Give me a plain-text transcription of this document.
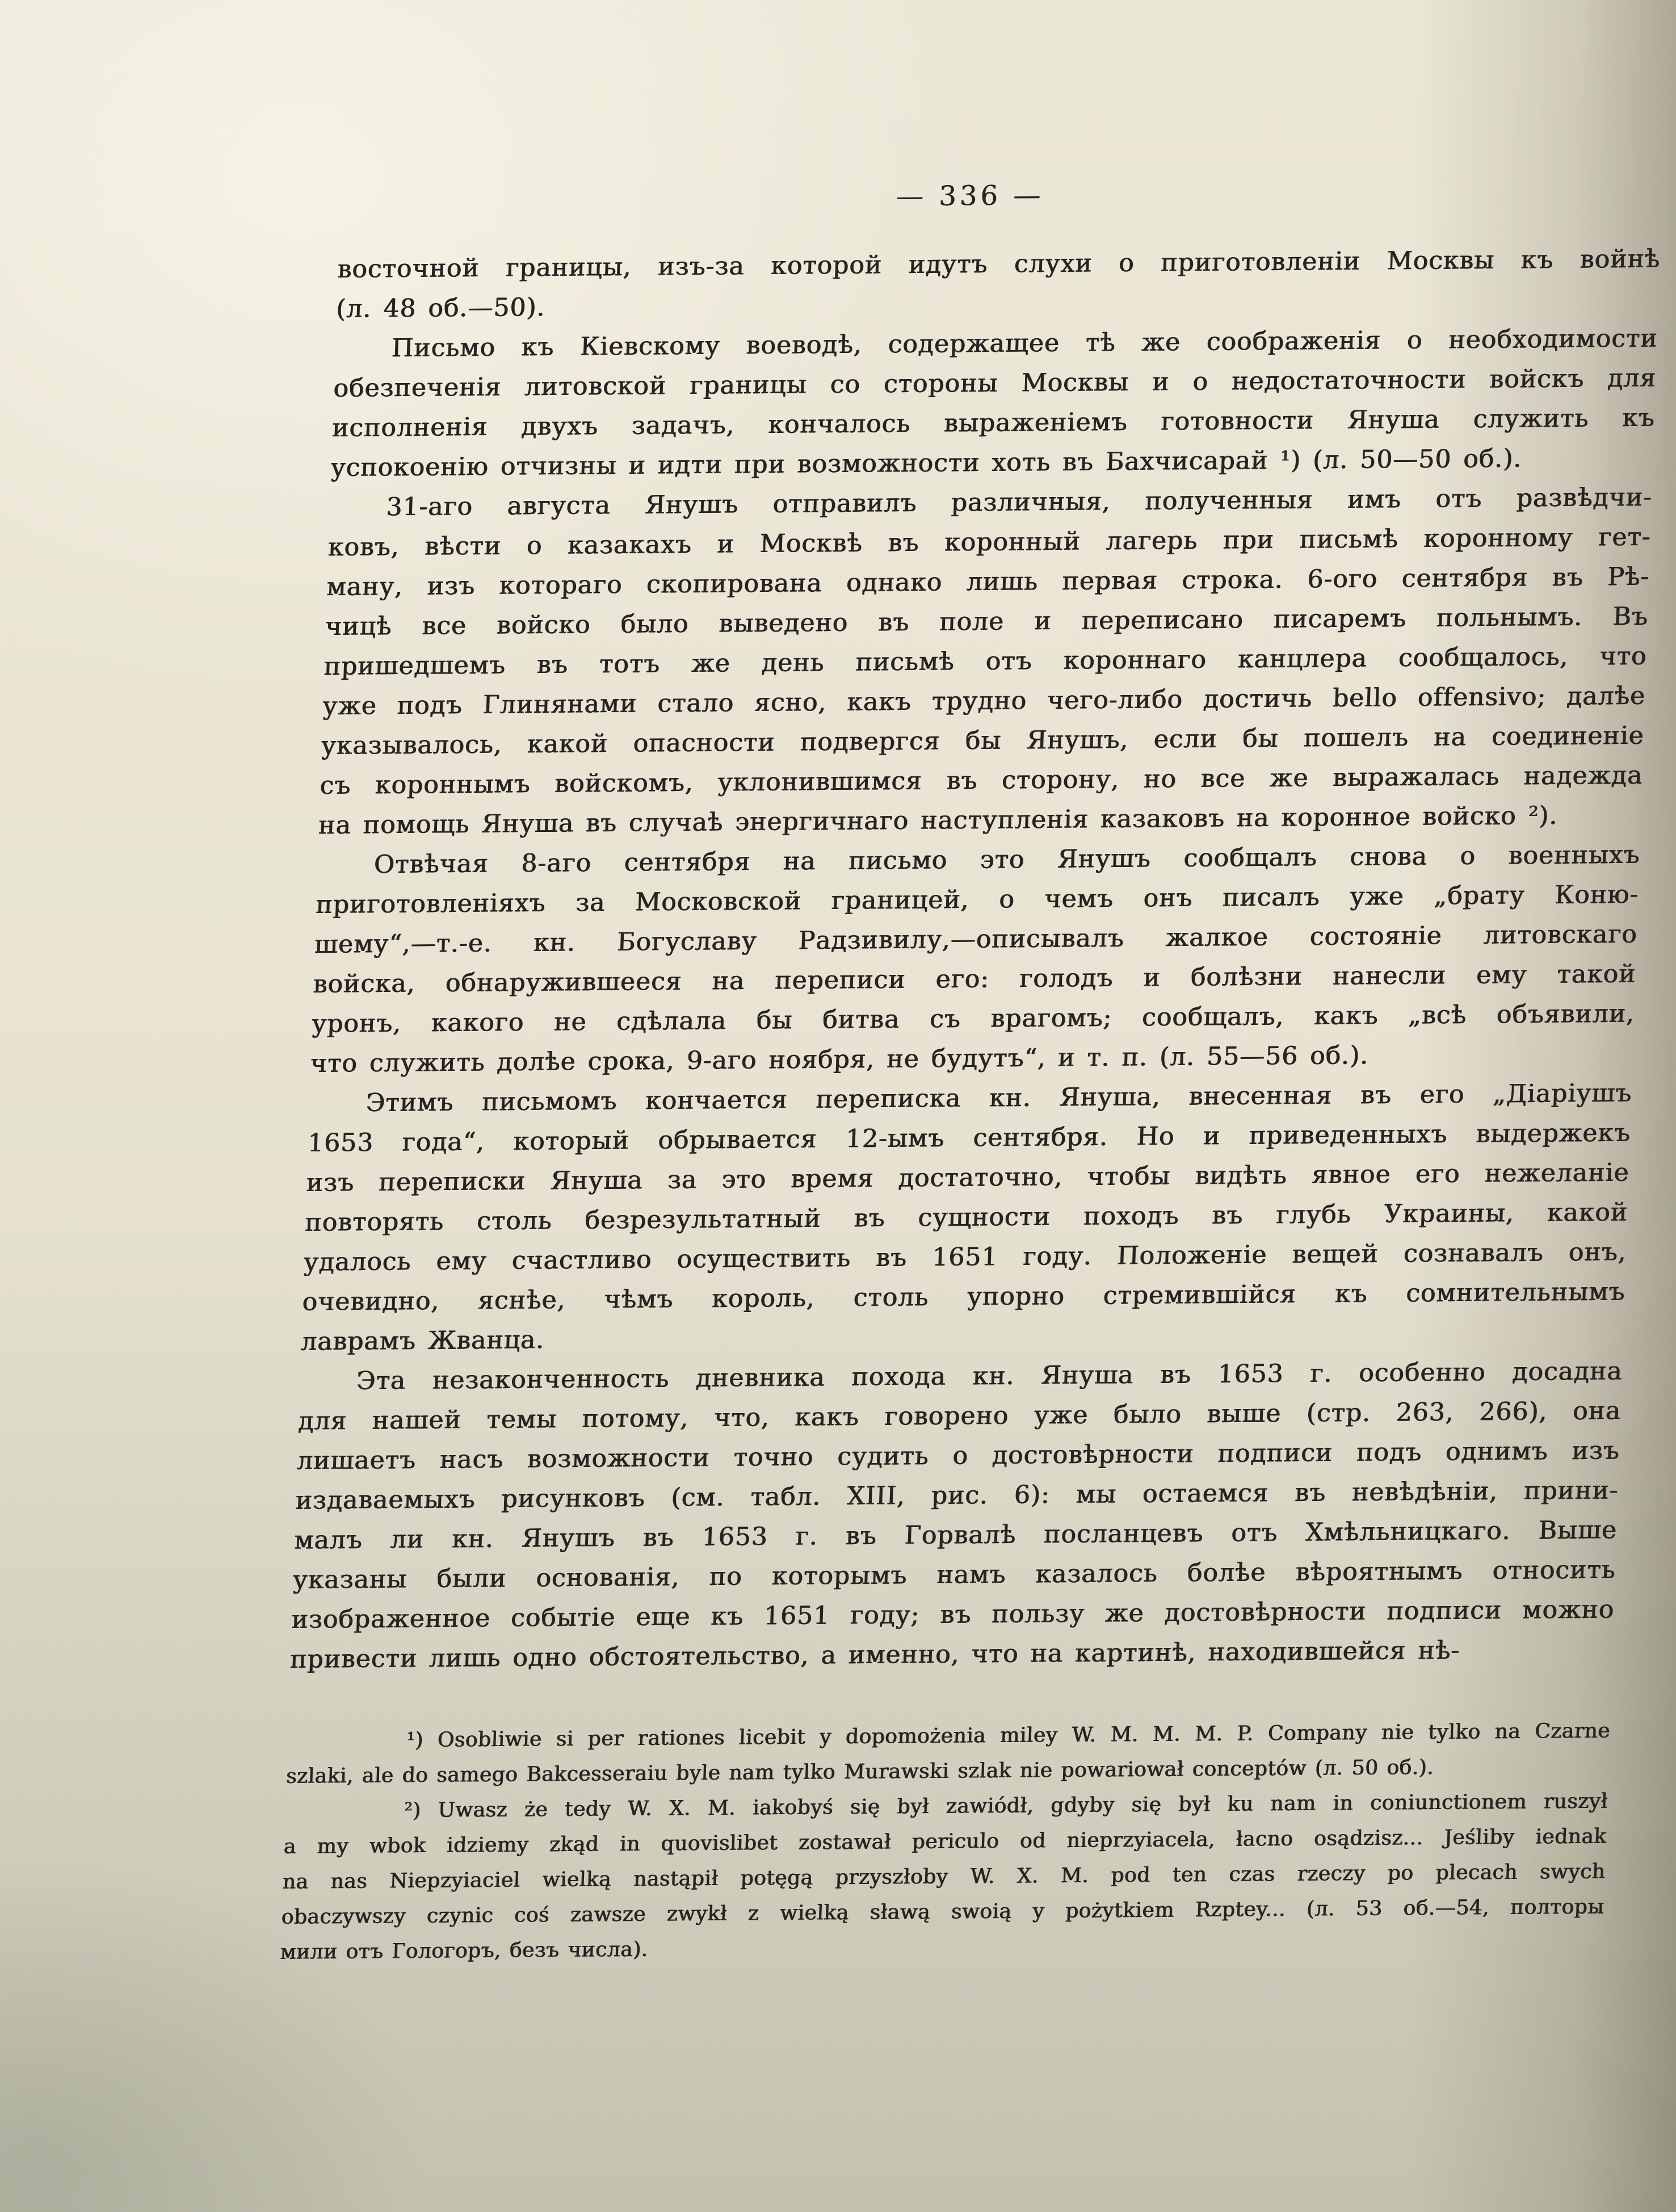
— 336 —
восточной границы, изъ-за которой идутъ слухи о приготовленіи Москвы къ войнѣ
(л. 48 об.—50).
Письмо къ Кіевскому воеводѣ, содержащее тѣ же соображенія о необходимости
обезпеченія литовской границы со стороны Москвы и о недостаточности войскъ для
исполненія двухъ задачъ, кончалось выраженіемъ готовности Януша служить къ
успокоенію отчизны и идти при возможности хоть въ Бахчисарай ¹) (л. 50—50 об.).
31-аго августа Янушъ отправилъ различныя, полученныя имъ отъ развѣдчи-
ковъ, вѣсти о казакахъ и Москвѣ въ коронный лагерь при письмѣ коронному гет-
ману, изъ котораго скопирована однако лишь первая строка. 6-ого сентября въ Рѣ-
чицѣ все войско было выведено въ поле и переписано писаремъ польнымъ. Въ
пришедшемъ въ тотъ же день письмѣ отъ короннаго канцлера сообщалось, что
уже подъ Глинянами стало ясно, какъ трудно чего-либо достичь bello offensivo; далѣе
указывалось, какой опасности подвергся бы Янушъ, если бы пошелъ на соединеніе
съ короннымъ войскомъ, уклонившимся въ сторону, но все же выражалась надежда
на помощь Януша въ случаѣ энергичнаго наступленія казаковъ на коронное войско ²).
Отвѣчая 8-аго сентября на письмо это Янушъ сообщалъ снова о военныхъ
приготовленіяхъ за Московской границей, о чемъ онъ писалъ уже „брату Коню-
шему“,—т.-е. кн. Богуславу Радзивилу,—описывалъ жалкое состояніе литовскаго
войска, обнаружившееся на переписи его: голодъ и болѣзни нанесли ему такой
уронъ, какого не сдѣлала бы битва съ врагомъ; сообщалъ, какъ „всѣ объявили,
что служить долѣе срока, 9-аго ноября, не будутъ“, и т. п. (л. 55—56 об.).
Этимъ письмомъ кончается переписка кн. Януша, внесенная въ его „Діаріушъ
1653 года“, который обрывается 12-ымъ сентября. Но и приведенныхъ выдержекъ
изъ переписки Януша за это время достаточно, чтобы видѣть явное его нежеланіе
повторять столь безрезультатный въ сущности походъ въ глубь Украины, какой
удалось ему счастливо осуществить въ 1651 году. Положеніе вещей сознавалъ онъ,
очевидно, яснѣе, чѣмъ король, столь упорно стремившійся къ сомнительнымъ
лаврамъ Жванца.
Эта незаконченность дневника похода кн. Януша въ 1653 г. особенно досадна
для нашей темы потому, что, какъ говорено уже было выше (стр. 263, 266), она
лишаетъ насъ возможности точно судить о достовѣрности подписи подъ однимъ изъ
издаваемыхъ рисунковъ (см. табл. XIII, рис. 6): мы остаемся въ невѣдѣніи, прини-
малъ ли кн. Янушъ въ 1653 г. въ Горвалѣ посланцевъ отъ Хмѣльницкаго. Выше
указаны были основанія, по которымъ намъ казалось болѣе вѣроятнымъ относить
изображенное событіе еще къ 1651 году; въ пользу же достовѣрности подписи можно
привести лишь одно обстоятельство, а именно, что на картинѣ, находившейся нѣ-
¹) Osobliwie si per rationes licebit y dopomożenia miley W. M. M. M. P. Company nie tylko na Czarne
szlaki, ale do samego Bakcesseraiu byle nam tylko Murawski szlak nie powariował conceptów (л. 50 об.).
²) Uwasz że tedy W. X. M. iakobyś się był zawiódł, gdyby się był ku nam in coniunctionem ruszył
a my wbok idziemy zkąd in quovislibet zostawał periculo od nieprzyiacela, łacno osądzisz... Jeśliby iednak
na nas Niepzyiaciel wielką nastąpił potęgą przyszłoby W. X. M. pod ten czas rzeczy po plecach swych
obaczywszy czynic coś zawsze zwykł z wielką sławą swoią y pożytkiem Rzptey... (л. 53 об.—54, полторы
мили отъ Гологоръ, безъ числа).
